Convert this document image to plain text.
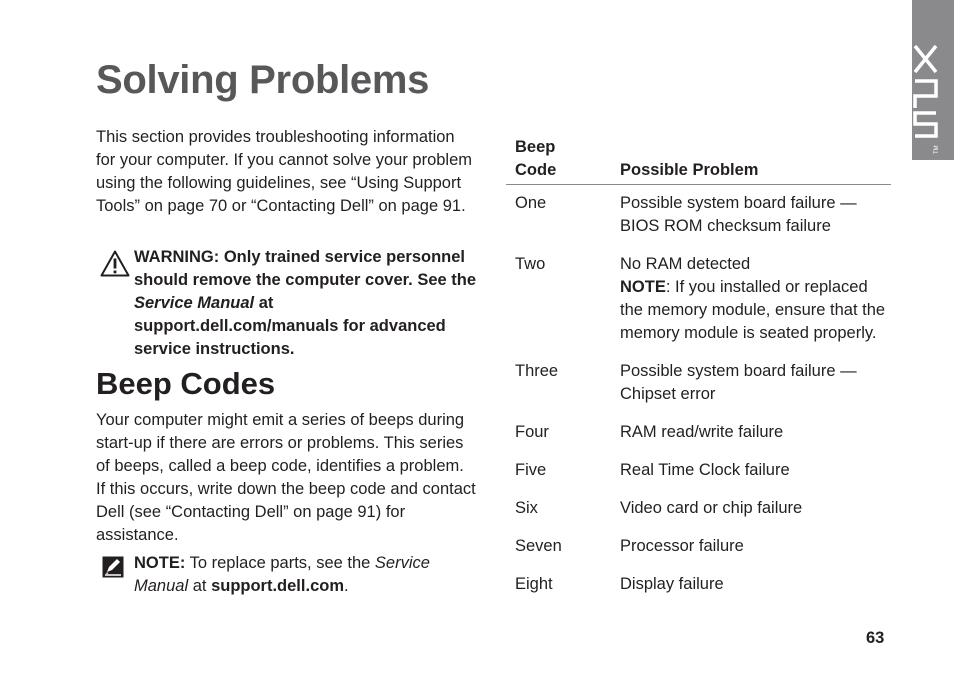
Solving Problems

This section provides troubleshooting information for your computer. If you cannot solve your problem using the following guidelines, see “Using Support Tools” on page 70 or “Contacting Dell” on page 91.

WARNING: Only trained service personnel should remove the computer cover. See the Service Manual at support.dell.com/manuals for advanced service instructions.
Beep Codes

Your computer might emit a series of beeps during start-up if there are errors or problems. This series of beeps, called a beep code, identifies a problem. If this occurs, write down the beep code and contact Dell (see “Contacting Dell” on page 91) for assistance.

NOTE: To replace parts, see the Service Manual at support.dell.com.
Beep
Code	Possible Problem
One	Possible system board failure — BIOS ROM checksum failure
Two	No RAM detected
NOTE: If you installed or replaced the memory module, ensure that the memory module is seated properly.
Three	Possible system board failure — Chipset error
Four	RAM read/write failure
Five	Real Time Clock failure
Six	Video card or chip failure
Seven	Processor failure
Eight	Display failure
TM
63
